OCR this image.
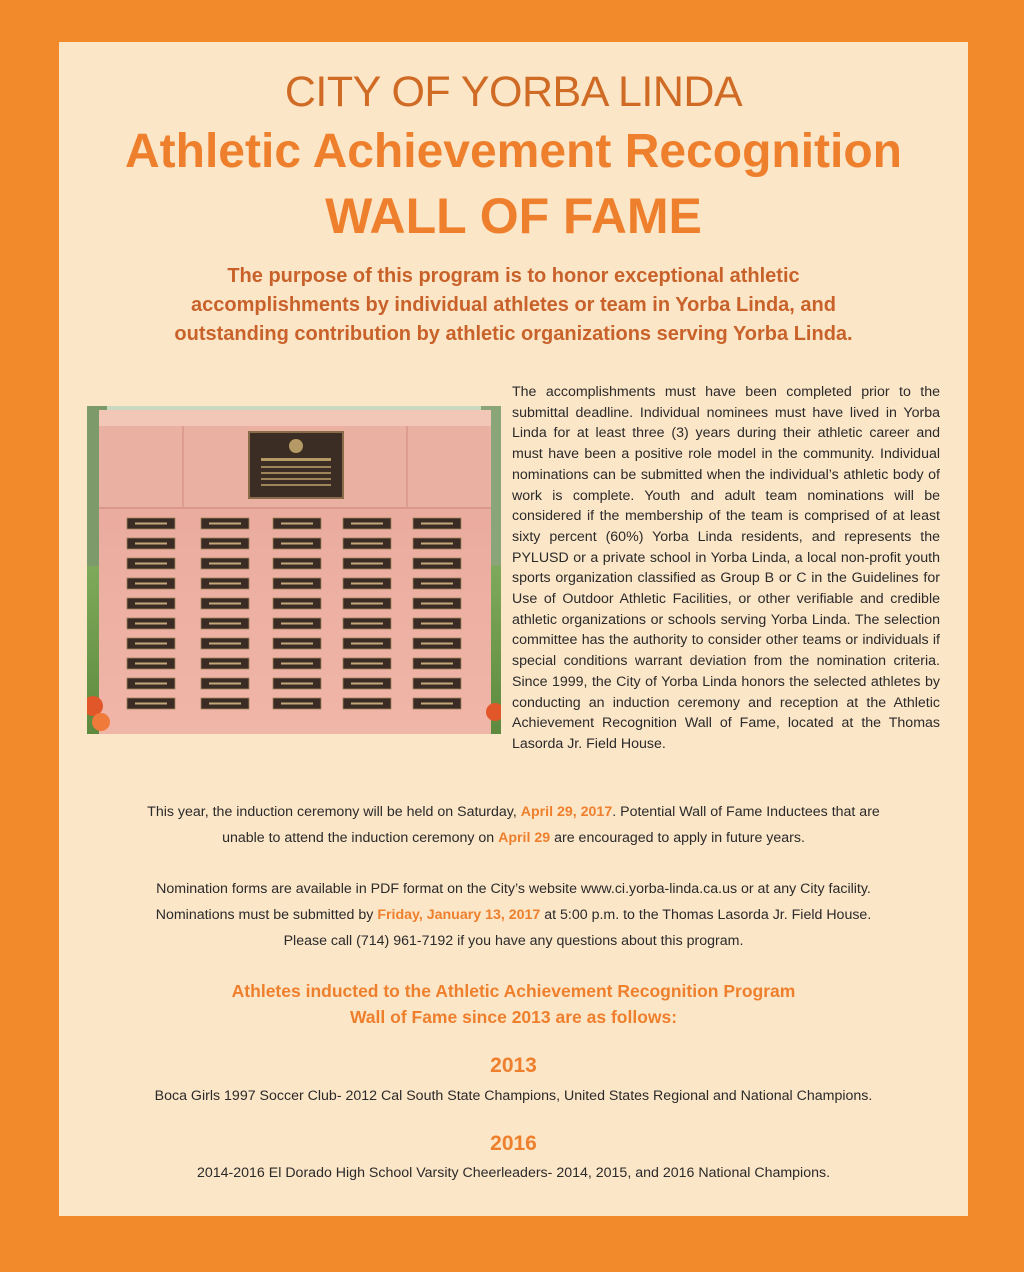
CITY OF YORBA LINDA
Athletic Achievement Recognition
WALL OF FAME
The purpose of this program is to honor exceptional athletic
accomplishments by individual athletes or team in Yorba Linda, and
outstanding contribution by athletic organizations serving Yorba Linda.
The accomplishments must have been completed prior to the submittal deadline. Individual nominees must have lived in Yorba Linda for at least three (3) years during their athletic career and must have been a positive role model in the community. Individual nominations can be submitted when the individual’s athletic body of work is complete. Youth and adult team nominations will be considered if the membership of the team is comprised of at least sixty percent (60%) Yorba Linda residents, and represents the PYLUSD or a private school in Yorba Linda, a local non-profit youth sports organization classified as Group B or C in the Guidelines for Use of Outdoor Athletic Facilities, or other verifiable and credible athletic organizations or schools serving Yorba Linda. The selection committee has the authority to consider other teams or individuals if special conditions warrant deviation from the nomination criteria. Since 1999, the City of Yorba Linda honors the selected athletes by conducting an induction ceremony and reception at the Athletic Achievement Recognition Wall of Fame, located at the Thomas Lasorda Jr. Field House.
This year, the induction ceremony will be held on Saturday, April 29, 2017. Potential Wall of Fame Inductees that are
unable to attend the induction ceremony on April 29 are encouraged to apply in future years.
Nomination forms are available in PDF format on the City’s website www.ci.yorba-linda.ca.us or at any City facility.
Nominations must be submitted by Friday, January 13, 2017 at 5:00 p.m. to the Thomas Lasorda Jr. Field House.
Please call (714) 961-7192 if you have any questions about this program.
Athletes inducted to the Athletic Achievement Recognition Program
Wall of Fame since 2013 are as follows:
2013
Boca Girls 1997 Soccer Club- 2012 Cal South State Champions, United States Regional and National Champions.
2016
2014-2016 El Dorado High School Varsity Cheerleaders- 2014, 2015, and 2016 National Champions.
